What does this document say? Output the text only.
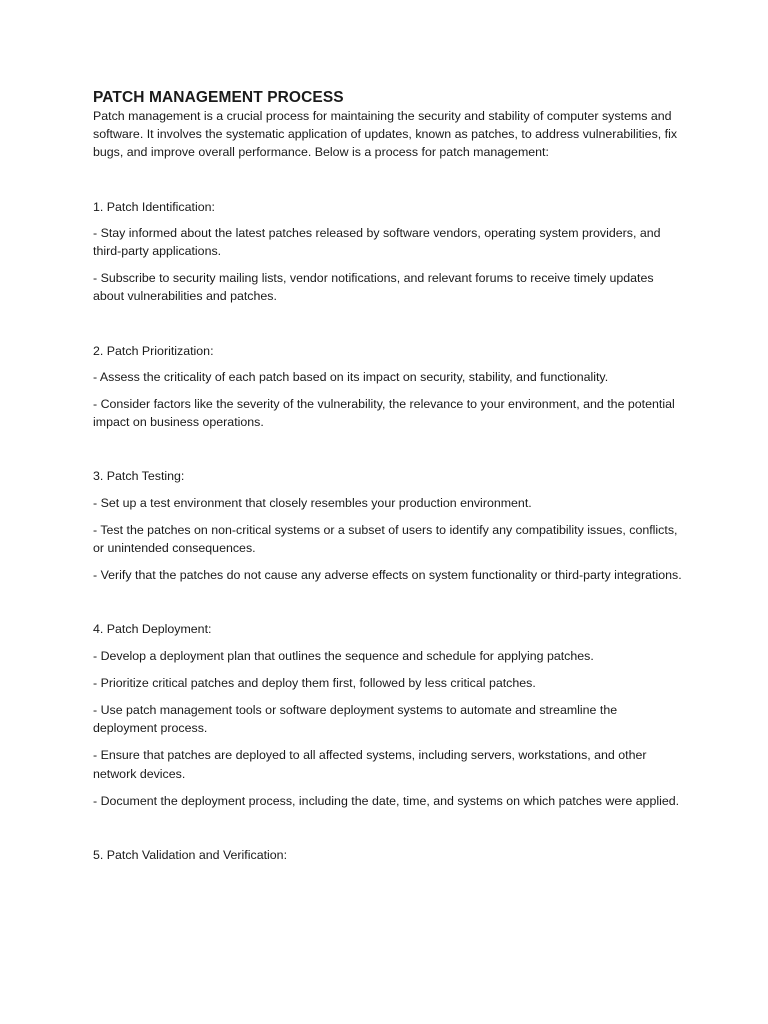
PATCH MANAGEMENT PROCESS

Patch management is a crucial process for maintaining the security and stability of computer systems and software. It involves the systematic application of updates, known as patches, to address vulnerabilities, fix bugs, and improve overall performance. Below is a process for patch management:

1. Patch Identification:

- Stay informed about the latest patches released by software vendors, operating system providers, and third-party applications.

- Subscribe to security mailing lists, vendor notifications, and relevant forums to receive timely updates about vulnerabilities and patches.

2. Patch Prioritization:

- Assess the criticality of each patch based on its impact on security, stability, and functionality.

- Consider factors like the severity of the vulnerability, the relevance to your environment, and the potential impact on business operations.

3. Patch Testing:

- Set up a test environment that closely resembles your production environment.

- Test the patches on non-critical systems or a subset of users to identify any compatibility issues, conflicts, or unintended consequences.

- Verify that the patches do not cause any adverse effects on system functionality or third-party integrations.

4. Patch Deployment:

- Develop a deployment plan that outlines the sequence and schedule for applying patches.

- Prioritize critical patches and deploy them first, followed by less critical patches.

- Use patch management tools or software deployment systems to automate and streamline the deployment process.

- Ensure that patches are deployed to all affected systems, including servers, workstations, and other network devices.

- Document the deployment process, including the date, time, and systems on which patches were applied.

5. Patch Validation and Verification:
